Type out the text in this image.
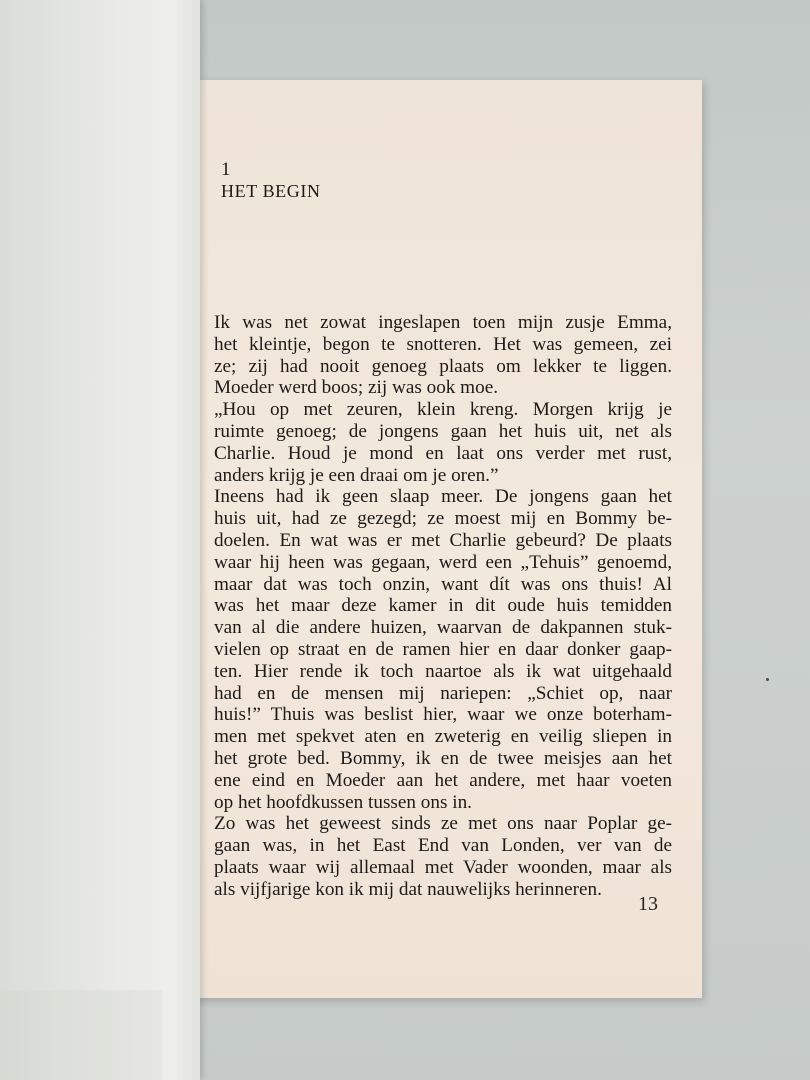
1
HET BEGIN
Ik was net zowat ingeslapen toen mijn zusje Emma,
het kleintje, begon te snotteren. Het was gemeen, zei
ze; zij had nooit genoeg plaats om lekker te liggen.
Moeder werd boos; zij was ook moe.
„Hou op met zeuren, klein kreng. Morgen krijg je
ruimte genoeg; de jongens gaan het huis uit, net als
Charlie. Houd je mond en laat ons verder met rust,
anders krijg je een draai om je oren.”
Ineens had ik geen slaap meer. De jongens gaan het
huis uit, had ze gezegd; ze moest mij en Bommy be-
doelen. En wat was er met Charlie gebeurd? De plaats
waar hij heen was gegaan, werd een „Tehuis” genoemd,
maar dat was toch onzin, want dít was ons thuis! Al
was het maar deze kamer in dit oude huis temidden
van al die andere huizen, waarvan de dakpannen stuk-
vielen op straat en de ramen hier en daar donker gaap-
ten. Hier rende ik toch naartoe als ik wat uitgehaald
had en de mensen mij nariepen: „Schiet op, naar
huis!” Thuis was beslist hier, waar we onze boterham-
men met spekvet aten en zweterig en veilig sliepen in
het grote bed. Bommy, ik en de twee meisjes aan het
ene eind en Moeder aan het andere, met haar voeten
op het hoofdkussen tussen ons in.
Zo was het geweest sinds ze met ons naar Poplar ge-
gaan was, in het East End van Londen, ver van de
plaats waar wij allemaal met Vader woonden, maar als
als vijfjarige kon ik mij dat nauwelijks herinneren.
13
